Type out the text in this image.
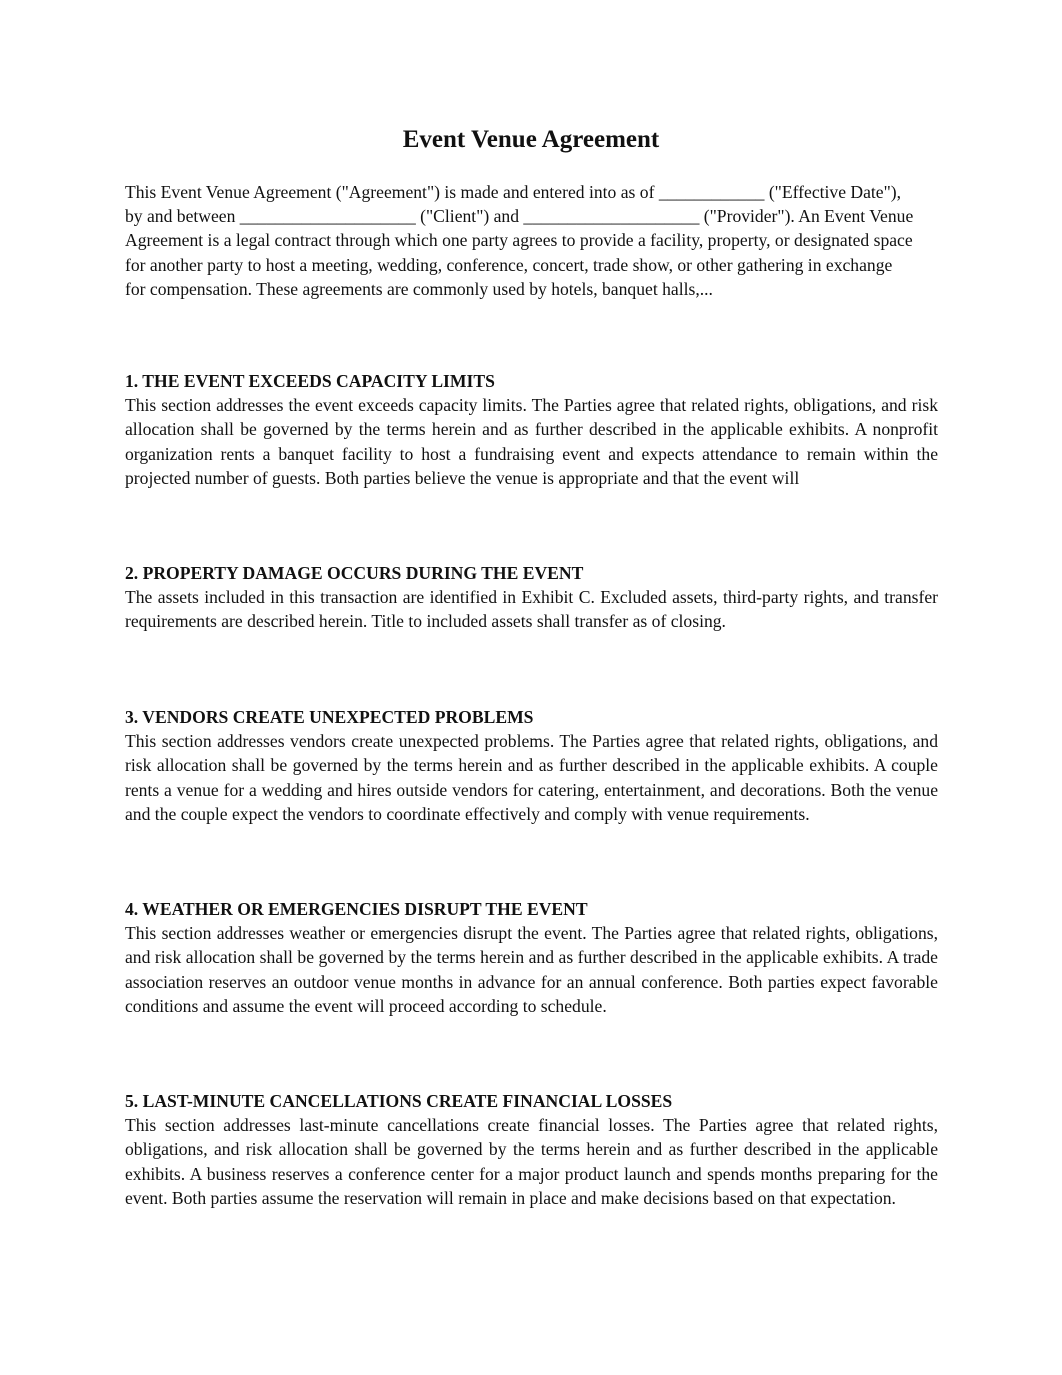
Event Venue Agreement

This Event Venue Agreement ("Agreement") is made and entered into as of ____________ ("Effective Date"), by and between ____________________ ("Client") and ____________________ ("Provider"). An Event Venue Agreement is a legal contract through which one party agrees to provide a facility, property, or designated space for another party to host a meeting, wedding, conference, concert, trade show, or other gathering in exchange for compensation. These agreements are commonly used by hotels, banquet halls,...

1. THE EVENT EXCEEDS CAPACITY LIMITS

This section addresses the event exceeds capacity limits. The Parties agree that related rights, obligations, and risk allocation shall be governed by the terms herein and as further described in the applicable exhibits. A nonprofit organization rents a banquet facility to host a fundraising event and expects attendance to remain within the projected number of guests. Both parties believe the venue is appropriate and that the event will

2. PROPERTY DAMAGE OCCURS DURING THE EVENT

The assets included in this transaction are identified in Exhibit C. Excluded assets, third-party rights, and transfer requirements are described herein. Title to included assets shall transfer as of closing.

3. VENDORS CREATE UNEXPECTED PROBLEMS

This section addresses vendors create unexpected problems. The Parties agree that related rights, obligations, and risk allocation shall be governed by the terms herein and as further described in the applicable exhibits. A couple rents a venue for a wedding and hires outside vendors for catering, entertainment, and decorations. Both the venue and the couple expect the vendors to coordinate effectively and comply with venue requirements.

4. WEATHER OR EMERGENCIES DISRUPT THE EVENT

This section addresses weather or emergencies disrupt the event. The Parties agree that related rights, obligations, and risk allocation shall be governed by the terms herein and as further described in the applicable exhibits. A trade association reserves an outdoor venue months in advance for an annual conference. Both parties expect favorable conditions and assume the event will proceed according to schedule.

5. LAST-MINUTE CANCELLATIONS CREATE FINANCIAL LOSSES

This section addresses last-minute cancellations create financial losses. The Parties agree that related rights, obligations, and risk allocation shall be governed by the terms herein and as further described in the applicable exhibits. A business reserves a conference center for a major product launch and spends months preparing for the event. Both parties assume the reservation will remain in place and make decisions based on that expectation.
